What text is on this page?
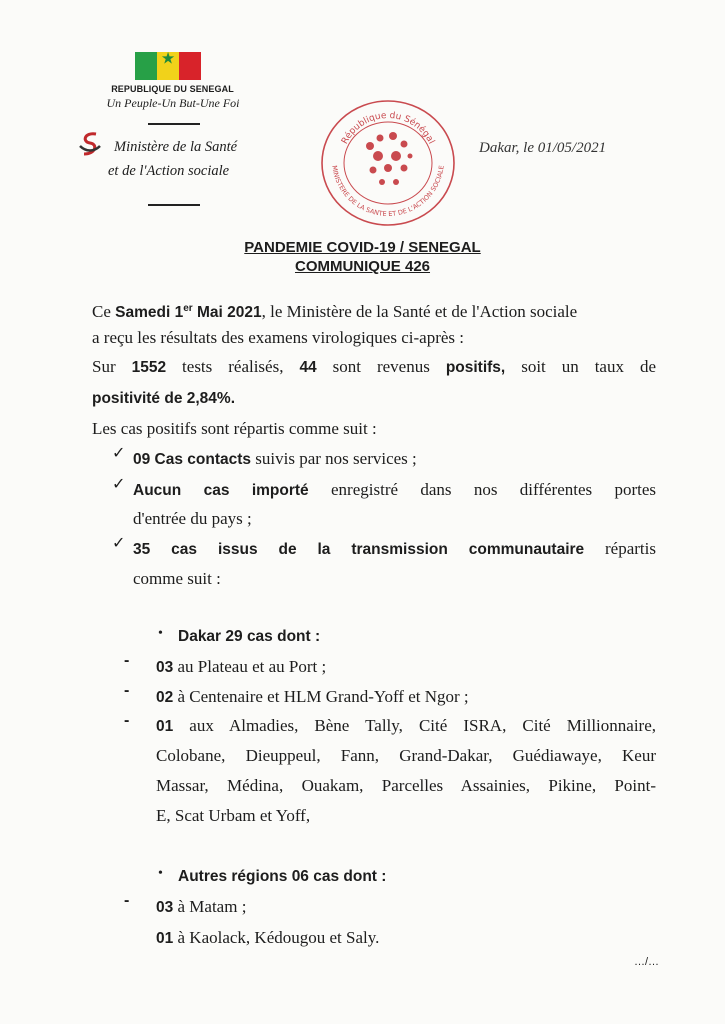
★
REPUBLIQUE DU SENEGAL
Un Peuple-Un But-Une Foi
Ministère de la Santé
et de l'Action sociale
République du Sénégal
MINISTERE DE LA SANTE ET DE L'ACTION SOCIALE
Dakar, le 01/05/2021
PANDEMIE COVID-19 / SENEGAL
COMMUNIQUE 426
Ce Samedi 1er Mai 2021, le Ministère de la Santé et de l'Action sociale
a reçu les résultats des examens virologiques ci-après :
Sur 1552 tests réalisés, 44 sont revenus positifs, soit un taux de
positivité de 2,84%.
Les cas positifs sont répartis comme suit :
✓ 09 Cas contacts suivis par nos services ;
✓ Aucun cas importé enregistré dans nos différentes portes
d'entrée du pays ;
✓ 35 cas issus de la transmission communautaire répartis
comme suit :
• Dakar 29 cas dont :
- 03 au Plateau et au Port ;
- 02 à Centenaire et HLM Grand-Yoff et Ngor ;
- 01 aux Almadies, Bène Tally, Cité ISRA, Cité Millionnaire,
Colobane, Dieuppeul, Fann, Grand-Dakar, Guédiawaye, Keur
Massar, Médina, Ouakam, Parcelles Assainies, Pikine, Point-
E, Scat Urbam et Yoff,
• Autres régions 06 cas dont :
- 03 à Matam ;
01 à Kaolack, Kédougou et Saly.
…/…
